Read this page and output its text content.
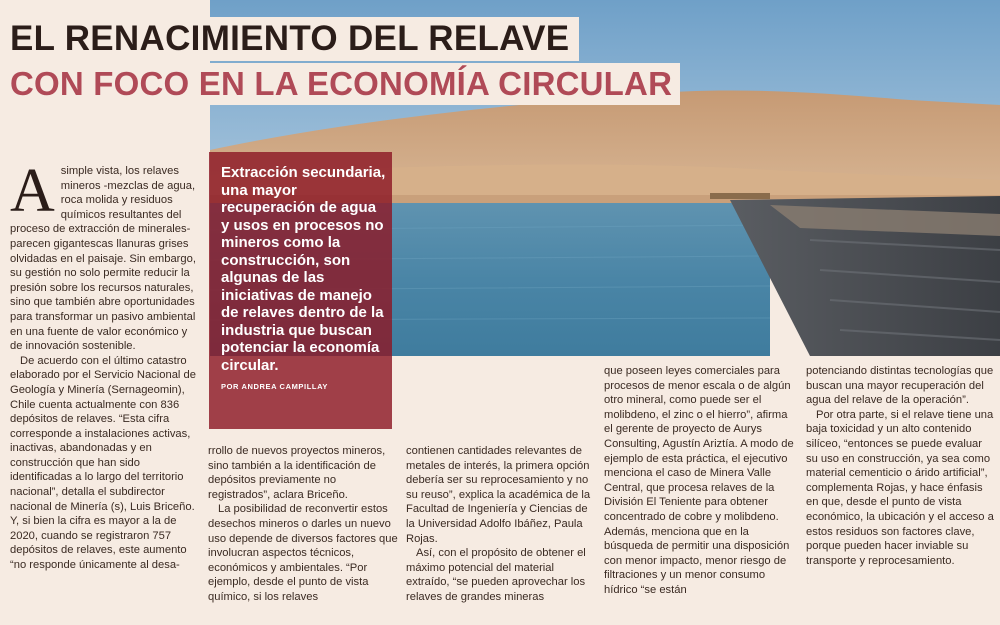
EL RENACIMIENTO DEL RELAVE
CON FOCO EN LA ECONOMÍA CIRCULAR
Extracción secundaria, una mayor recuperación de agua y usos en procesos no mineros como la construcción, son algunas de las iniciativas de manejo de relaves dentro de la industria que buscan potenciar la economía circular.
POR ANDREA CAMPILLAY

Asimple vista, los relaves mineros -mezclas de agua, roca molida y residuos químicos resultantes del proceso de extracción de minerales- parecen gigantescas llanuras grises olvidadas en el paisaje. Sin embargo, su gestión no solo permite reducir la presión sobre los recursos naturales, sino que también abre oportunidades para transformar un pasivo ambiental en una fuente de valor económico y de innovación sostenible.

De acuerdo con el último catastro elaborado por el Servicio Nacional de Geología y Minería (Sernageomin), Chile cuenta actualmente con 836 depósitos de relaves. “Esta cifra corresponde a instalaciones activas, inactivas, abandonadas y en construcción que han sido identificadas a lo largo del territorio nacional”, detalla el subdirector nacional de Minería (s), Luis Briceño. Y, si bien la cifra es mayor a la de 2020, cuando se registraron 757 depósitos de relaves, este aumento “no responde únicamente al desa-

rrollo de nuevos proyectos mineros, sino también a la identificación de depósitos previamente no registrados”, aclara Briceño.

La posibilidad de reconvertir estos desechos mineros o darles un nuevo uso depende de diversos factores que involucran aspectos técnicos, económicos y ambientales. “Por ejemplo, desde el punto de vista químico, si los relaves

contienen cantidades relevantes de metales de interés, la primera opción debería ser su reprocesamiento y no su reuso”, explica la académica de la Facultad de Ingeniería y Ciencias de la Universidad Adolfo Ibáñez, Paula Rojas.

Así, con el propósito de obtener el máximo potencial del material extraído, “se pueden aprovechar los relaves de grandes mineras

que poseen leyes comerciales para procesos de menor escala o de algún otro mineral, como puede ser el molibdeno, el zinc o el hierro”, afirma el gerente de proyecto de Aurys Consulting, Agustín Ariztía. A modo de ejemplo de esta práctica, el ejecutivo menciona el caso de Minera Valle Central, que procesa relaves de la División El Teniente para obtener concentrado de cobre y molibdeno. Además, menciona que en la búsqueda de permitir una disposición con menor impacto, menor riesgo de filtraciones y un menor consumo hídrico “se están

potenciando distintas tecnologías que buscan una mayor recuperación del agua del relave de la operación”.

Por otra parte, si el relave tiene una baja toxicidad y un alto contenido silíceo, “entonces se puede evaluar su uso en construcción, ya sea como material cementicio o árido artificial”, complementa Rojas, y hace énfasis en que, desde el punto de vista económico, la ubicación y el acceso a estos residuos son factores clave, porque pueden hacer inviable su transporte y reprocesamiento.
